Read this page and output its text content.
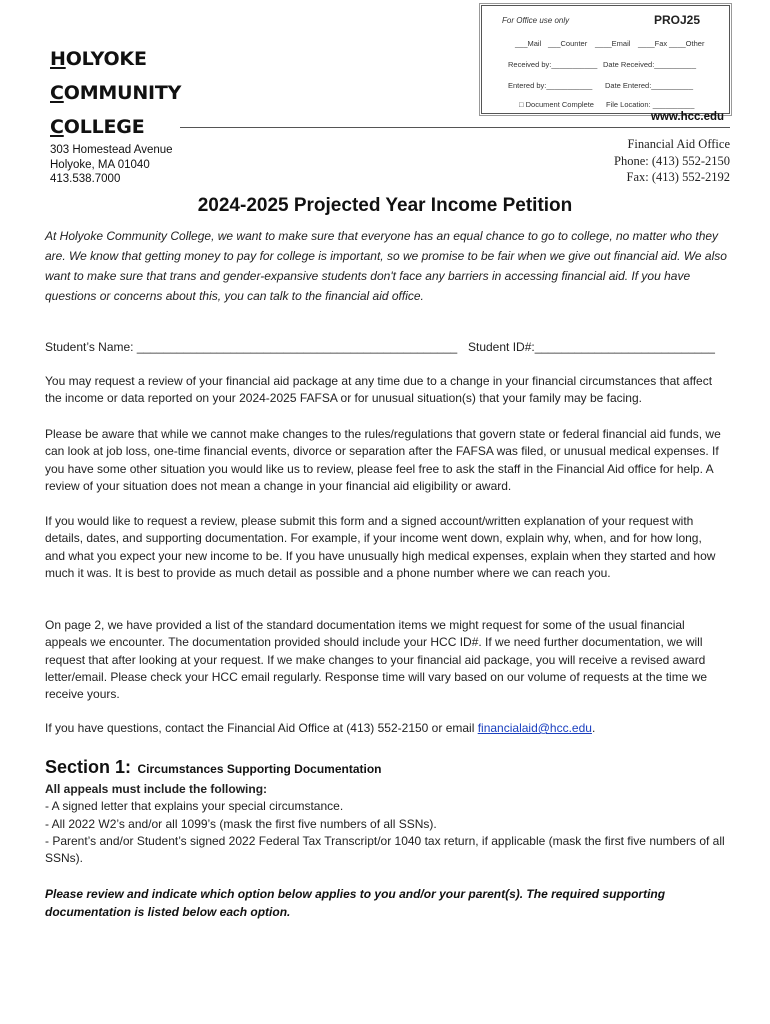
HOLYOKE
COMMUNITY
COLLEGE
303 Homestead Avenue
Holyoke, MA 01040
413.538.7000
For Office use only	PROJ25
___Mail ___Counter ____Email ____Fax ____Other
Received by:___________ Date Received:__________
Entered by:___________ Date Entered:__________
□ Document Complete File Location: __________
www.hcc.edu
Financial Aid Office
Phone: (413) 552-2150
Fax: (413) 552-2192
2024-2025 Projected Year Income Petition
At Holyoke Community College, we want to make sure that everyone has an equal chance to go to college, no matter who they are. We know that getting money to pay for college is important, so we promise to be fair when we give out financial aid. We also want to make sure that trans and gender-expansive students don't face any barriers in accessing financial aid. If you have questions or concerns about this, you can talk to the financial aid office.
Student’s Name: ________________________________________________ Student ID#:___________________________
You may request a review of your financial aid package at any time due to a change in your financial circumstances that affect the income or data reported on your 2024-2025 FAFSA or for unusual situation(s) that your family may be facing.
Please be aware that while we cannot make changes to the rules/regulations that govern state or federal financial aid funds, we can look at job loss, one-time financial events, divorce or separation after the FAFSA was filed, or unusual medical expenses. If you have some other situation you would like us to review, please feel free to ask the staff in the Financial Aid office for help. A review of your situation does not mean a change in your financial aid eligibility or award.
If you would like to request a review, please submit this form and a signed account/written explanation of your request with details, dates, and supporting documentation. For example, if your income went down, explain why, when, and for how long, and what you expect your new income to be. If you have unusually high medical expenses, explain when they started and how much it was. It is best to provide as much detail as possible and a phone number where we can reach you.
On page 2, we have provided a list of the standard documentation items we might request for some of the usual financial appeals we encounter. The documentation provided should include your HCC ID#. If we need further documentation, we will request that after looking at your request. If we make changes to your financial aid package, you will receive a revised award letter/email. Please check your HCC email regularly. Response time will vary based on our volume of requests at the time we receive yours.
If you have questions, contact the Financial Aid Office at (413) 552-2150 or email financialaid@hcc.edu.
Section 1: Circumstances Supporting Documentation
All appeals must include the following:
- A signed letter that explains your special circumstance.
- All 2022 W2’s and/or all 1099’s (mask the first five numbers of all SSNs).
- Parent’s and/or Student’s signed 2022 Federal Tax Transcript/or 1040 tax return, if applicable (mask the first five numbers of all SSNs).
Please review and indicate which option below applies to you and/or your parent(s). The required supporting documentation is listed below each option.
